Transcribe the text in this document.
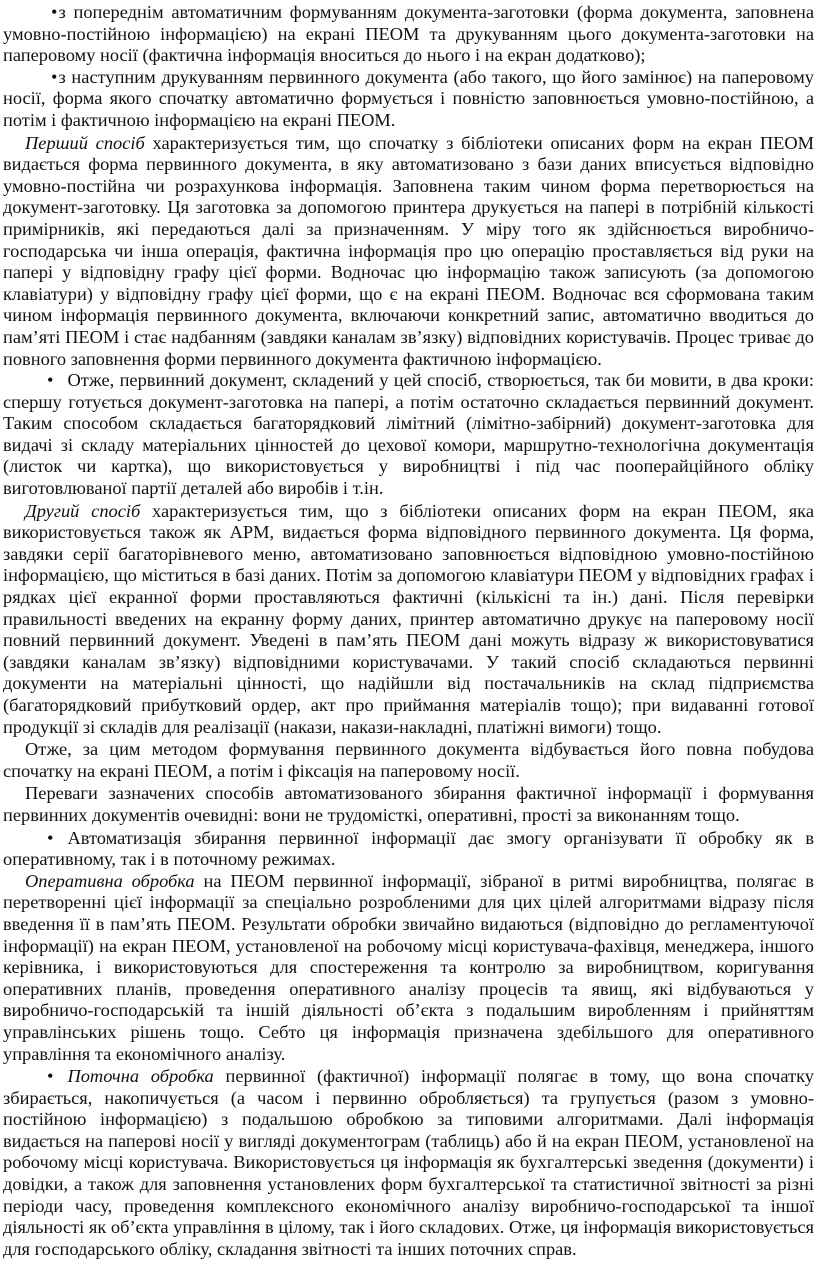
•з попереднім автоматичним формуванням документа-заготовки (форма документа, заповнена умовно-постійною інформацією) на екрані ПЕОМ та друкуванням цього документа-заготовки на паперовому носії (фактична інформація вноситься до нього і на екран додатково);

•з наступним друкуванням первинного документа (або такого, що його замінює) на паперовому носії, форма якого спочатку автоматично формується і повністю заповнюється умовно-постійною, а потім і фактичною інформацією на екрані ПЕОМ.

Перший спосіб характеризується тим, що спочатку з бібліотеки описаних форм на екран ПЕОМ видається форма первинного документа, в яку автоматизовано з бази даних вписується відповідно умовно-постійна чи розрахункова інформація. Заповнена таким чином форма перетворюється на документ-заготовку. Ця заготовка за допомогою принтера друкується на папері в потрібній кількості примірників, які передаються далі за призначенням. У міру того як здійснюється виробничо-господарська чи інша операція, фактична інформація про цю операцію проставляється від руки на папері у відповідну графу цієї форми. Водночас цю інформацію також записують (за допомогою клавіатури) у відповідну графу цієї форми, що є на екрані ПЕОМ. Водночас вся сформована таким чином інформація первинного документа, включаючи конкретний запис, автоматично вводиться до пам’яті ПЕОМ і стає надбанням (завдяки каналам зв’язку) відповідних користувачів. Процес триває до повного заповнення форми первинного документа фактичною інформацією.

• Отже, первинний документ, складений у цей спосіб, створюється, так би мовити, в два кроки: спершу готується документ-заготовка на папері, а потім остаточно складається первинний документ. Таким способом складається багаторядковий лімітний (лімітно-забірний) документ-заготовка для видачі зі складу матеріальних цінностей до цехової комори, маршрутно-технологічна документація (листок чи картка), що використовується у виробництві і під час пооперайційного обліку виготовлюваної партії деталей або виробів і т.ін.

Другий спосіб характеризується тим, що з бібліотеки описаних форм на екран ПЕОМ, яка використовується також як АРМ, видається форма відповідного первинного документа. Ця форма, завдяки серії багаторівневого меню, автоматизовано заповнюється відповідною умовно-постійною інформацією, що міститься в базі даних. Потім за допомогою клавіатури ПЕОМ у відповідних графах і рядках цієї екранної форми проставляються фактичні (кількісні та ін.) дані. Після перевірки правильності введених на екранну форму даних, принтер автоматично друкує на паперовому носії повний первинний документ. Уведені в пам’ять ПЕОМ дані можуть відразу ж використовуватися (завдяки каналам зв’язку) відповідними користувачами. У такий спосіб складаються первинні документи на матеріальні цінності, що надійшли від постачальників на склад підприємства (багаторядковий прибутковий ордер, акт про приймання матеріалів тощо); при видаванні готової продукції зі складів для реалізації (накази, накази-накладні, платіжні вимоги) тощо.

Отже, за цим методом формування первинного документа відбувається його повна побудова спочатку на екрані ПЕОМ, а потім і фіксація на паперовому носії.

Переваги зазначених способів автоматизованого збирання фактичної інформації і формування первинних документів очевидні: вони не трудомісткі, оперативні, прості за виконанням тощо.

• Автоматизація збирання первинної інформації дає змогу організувати її обробку як в оперативному, так і в поточному режимах.

Оперативна обробка на ПЕОМ первинної інформації, зібраної в ритмі виробництва, полягає в перетворенні цієї інформації за спеціально розробленими для цих цілей алгоритмами відразу після введення її в пам’ять ПЕОМ. Результати обробки звичайно видаються (відповідно до регламентуючої інформації) на екран ПЕОМ, установленої на робочому місці користувача-фахівця, менеджера, іншого керівника, і використовуються для спостереження та контролю за виробництвом, коригування оперативних планів, проведення оперативного аналізу процесів та явищ, які відбуваються у виробничо-господарській та іншій діяльності об’єкта з подальшим виробленням і прийняттям управлінських рішень тощо. Себто ця інформація призначена здебільшого для оперативного управління та економічного аналізу.

• Поточна обробка первинної (фактичної) інформації полягає в тому, що вона спочатку збирається, накопичується (а часом і первинно обробляється) та групується (разом з умовно-постійною інформацією) з подальшою обробкою за типовими алгоритмами. Далі інформація видається на паперові носії у вигляді документограм (таблиць) або й на екран ПЕОМ, установленої на робочому місці користувача. Використовується ця інформація як бухгалтерські зведення (документи) і довідки, а також для заповнення установлених форм бухгалтерської та статистичної звітності за різні періоди часу, проведення комплексного економічного аналізу виробничо-господарської та іншої діяльності як об’єкта управління в цілому, так і його складових. Отже, ця інформація використовується для господарського обліку, складання звітності та інших поточних справ.
